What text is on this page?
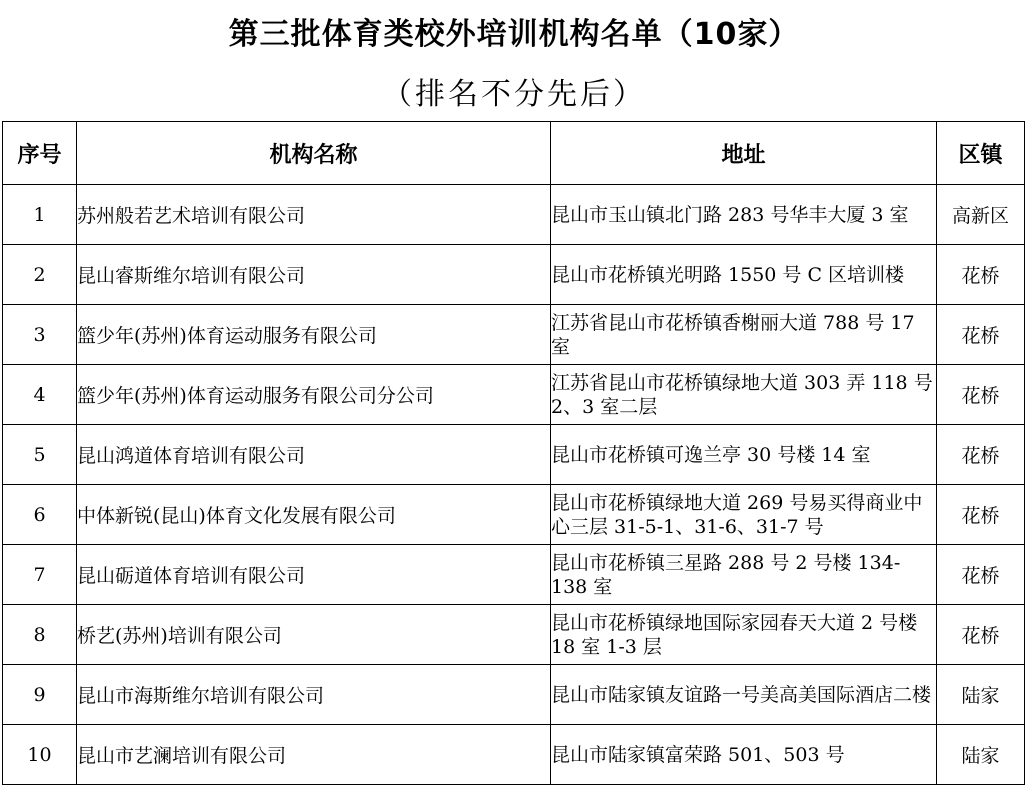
第三批体育类校外培训机构名单（10家）
（排名不分先后）
序号	机构名称	地址	区镇
1	苏州般若艺术培训有限公司	昆山市玉山镇北门路 283 号华丰大厦 3 室	高新区
2	昆山睿斯维尔培训有限公司	昆山市花桥镇光明路 1550 号 C 区培训楼	花桥
3	篮少年(苏州)体育运动服务有限公司	江苏省昆山市花桥镇香榭丽大道 788 号 17 室	花桥
4	篮少年(苏州)体育运动服务有限公司分公司	江苏省昆山市花桥镇绿地大道 303 弄 118 号 2、3 室二层	花桥
5	昆山鸿道体育培训有限公司	昆山市花桥镇可逸兰亭 30 号楼 14 室	花桥
6	中体新锐(昆山)体育文化发展有限公司	昆山市花桥镇绿地大道 269 号易买得商业中心三层 31-5-1、31-6、31-7 号	花桥
7	昆山砺道体育培训有限公司	昆山市花桥镇三星路 288 号 2 号楼 134-138 室	花桥
8	桥艺(苏州)培训有限公司	昆山市花桥镇绿地国际家园春天大道 2 号楼 18 室 1-3 层	花桥
9	昆山市海斯维尔培训有限公司	昆山市陆家镇友谊路一号美高美国际酒店二楼	陆家
10	昆山市艺澜培训有限公司	昆山市陆家镇富荣路 501、503 号	陆家
